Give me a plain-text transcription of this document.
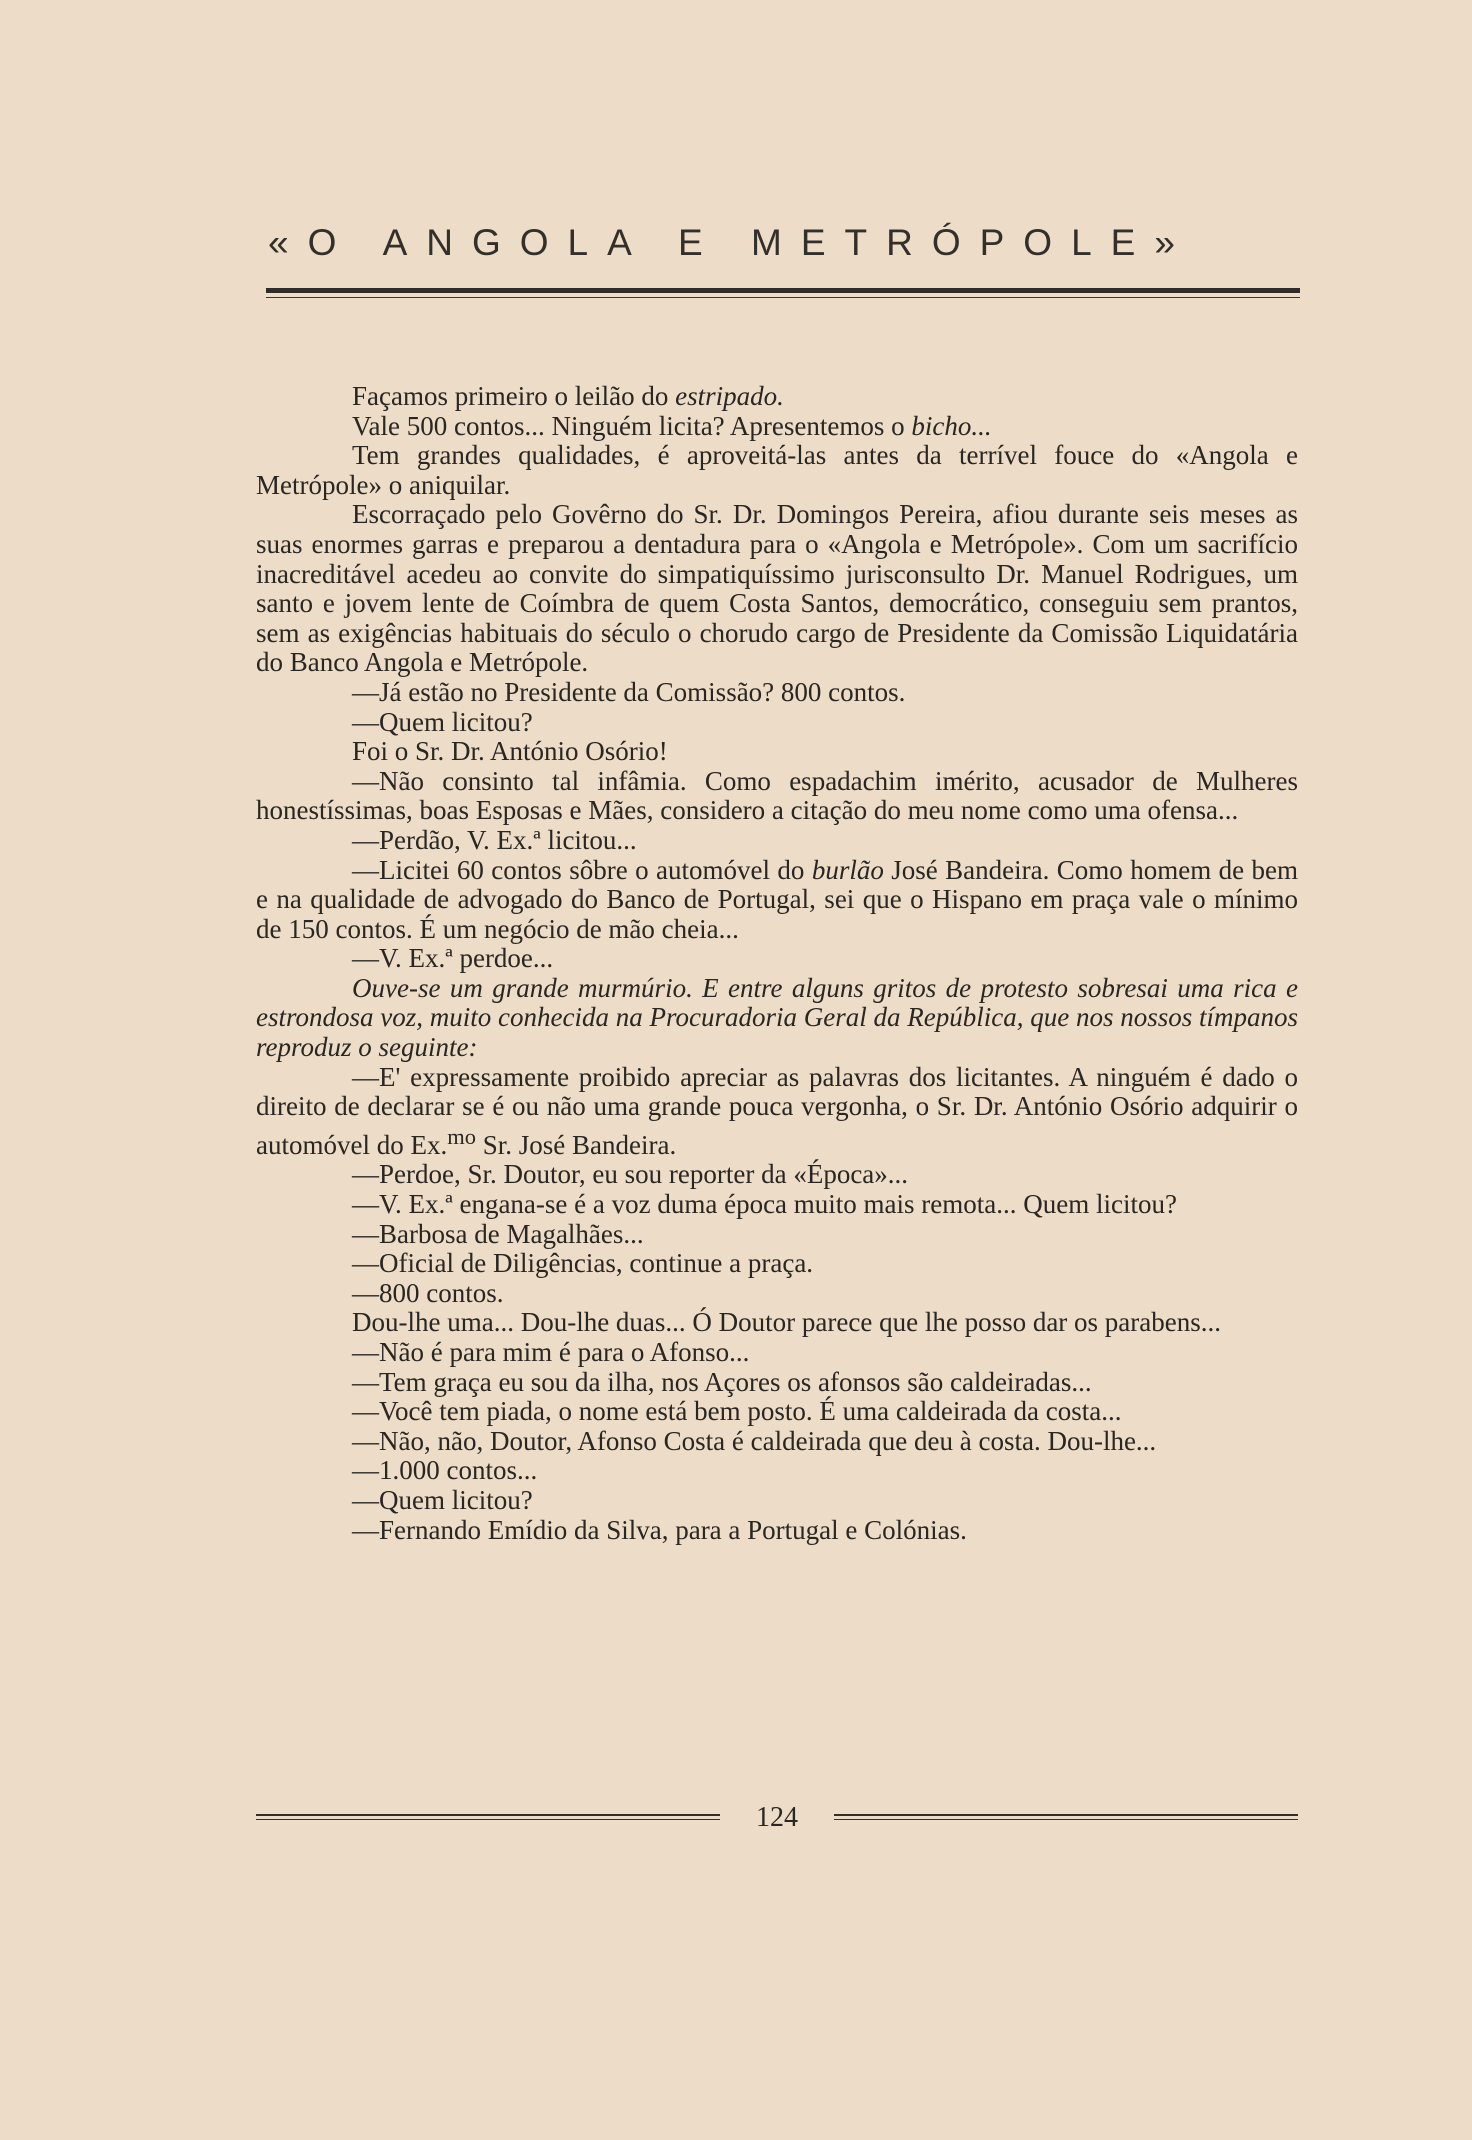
«O ANGOLA E METRÓPOLE»

Façamos primeiro o leilão do estripado.

Vale 500 contos... Ninguém licita? Apresentemos o bicho...

Tem grandes qualidades, é aproveitá-las antes da terrível fouce do «Angola e Metrópole» o aniquilar.

Escorraçado pelo Govêrno do Sr. Dr. Domingos Pereira, afiou durante seis meses as suas enormes garras e preparou a dentadura para o «Angola e Metrópole». Com um sacrifício inacreditável acedeu ao convite do simpatiquíssimo jurisconsulto Dr. Manuel Rodrigues, um santo e jovem lente de Coímbra de quem Costa Santos, democrático, conseguiu sem prantos, sem as exigências habituais do século o chorudo cargo de Presidente da Comissão Liquidatária do Banco Angola e Metrópole.

—Já estão no Presidente da Comissão? 800 contos.

—Quem licitou?

Foi o Sr. Dr. António Osório!

—Não consinto tal infâmia. Como espadachim imérito, acusador de Mulheres honestíssimas, boas Esposas e Mães, considero a citação do meu nome como uma ofensa...

—Perdão, V. Ex.ª licitou...

—Licitei 60 contos sôbre o automóvel do burlão José Bandeira. Como homem de bem e na qualidade de advogado do Banco de Portugal, sei que o Hispano em praça vale o mínimo de 150 contos. É um negócio de mão cheia...

—V. Ex.ª perdoe...

Ouve-se um grande murmúrio. E entre alguns gritos de protesto sobresai uma rica e estrondosa voz, muito conhecida na Procuradoria Geral da República, que nos nossos tímpanos reproduz o seguinte:

—E' expressamente proibido apreciar as palavras dos licitantes. A ninguém é dado o direito de declarar se é ou não uma grande pouca vergonha, o Sr. Dr. António Osório adquirir o automóvel do Ex.$^{mo}$ Sr. José Bandeira.

—Perdoe, Sr. Doutor, eu sou reporter da «Época»...

—V. Ex.ª engana-se é a voz duma época muito mais remota... Quem licitou?

—Barbosa de Magalhães...

—Oficial de Diligências, continue a praça.

—800 contos.

Dou-lhe uma... Dou-lhe duas... Ó Doutor parece que lhe posso dar os parabens...

—Não é para mim é para o Afonso...

—Tem graça eu sou da ilha, nos Açores os afonsos são caldeiradas...

—Você tem piada, o nome está bem posto. É uma caldeirada da costa...

—Não, não, Doutor, Afonso Costa é caldeirada que deu à costa. Dou-lhe...

—1.000 contos...

—Quem licitou?

—Fernando Emídio da Silva, para a Portugal e Colónias.

124
